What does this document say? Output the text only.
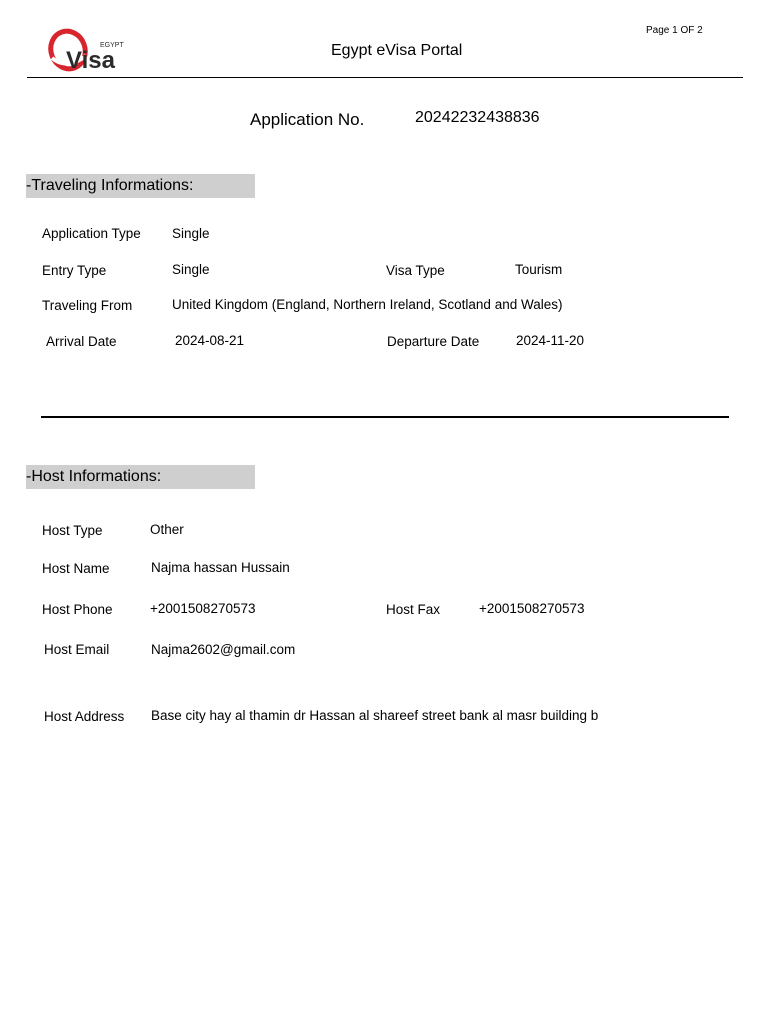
EGYPT
Visa
Page 1 OF 2
Egypt eVisa Portal
Application No.	20242232438836
-Traveling Informations:
Application Type Single
Entry Type	Single	Visa Type	Tourism
Traveling From	United Kingdom (England, Northern Ireland, Scotland and Wales)
Arrival Date	2024-08-21	Departure Date	2024-11-20
-Host Informations:
Host Type	Other
Host Name	Najma hassan Hussain
Host Phone	+2001508270573	Host Fax	+2001508270573
Host Email	Najma2602@gmail.com
Host Address Base city hay al thamin dr Hassan al shareef street bank al masr building b
